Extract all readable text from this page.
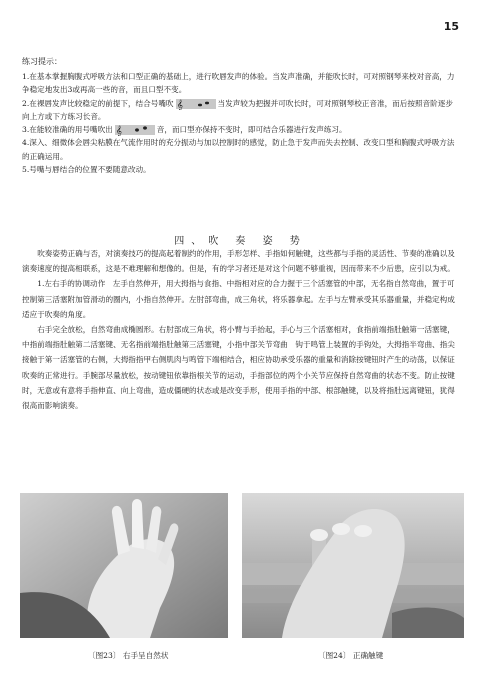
15
练习提示：

1.在基本掌握胸腹式呼吸方法和口型正确的基础上，进行吹唇发声的体验。当发声准确，并能吹长时，可对照钢琴来校对音高，力争稳定地发出3或再高一些的音，而且口型不变。

2.在裸唇发声比较稳定的前提下，结合号嘴吹 𝄞	当发声较为把握并可吹长时，可对照钢琴校正音准，而后按照音阶逐步向上方或下方练习长音。

3.在能较准确的用号嘴吹出 𝄞	音，而口型亦保持不变时，即可结合乐器进行发声练习。

4.深入、细微体会唇尖粘膜在气流作用时的充分振动与加以控制时的感觉，防止急于发声而失去控制、改变口型和胸腹式呼吸方法的正确运用。

5.号嘴与唇结合的位置不要随意改动。

四、吹 奏 姿 势

吹奏姿势正确与否，对演奏技巧的提高起着制约的作用，手形怎样、手指如何触键，这些都与手指的灵活性、节奏的准确以及演奏速度的提高相联系，这是不难理解和想像的。但是，有的学习者还是对这个问题不够重视，因而带来不少后患，应引以为戒。

1.左右手的协调动作　左手自然伸开，用大拇指与食指、中指相对应的合力握于三个活塞管的中部，无名指自然弯曲，置于可控制第三活塞附加管滑动的圈内，小指自然伸开。左肘部弯曲，成三角状，将乐器拿起。左手与左臂承受其乐器重量，并稳定构成适应于吹奏的角度。

右手完全放松，自然弯曲成椭圆形。右肘部成三角状，将小臂与手抬起，手心与三个活塞相对，食指前端指肚触第一活塞键，中指前端指肚触第二活塞键、无名指前端指肚触第三活塞键，小指中部关节弯曲　钩于鸣管上装置的手钩处，大拇指半弯曲、指尖接触于第一活塞管的右侧，大拇指指甲右侧肌肉与鸣管下端相结合，相应协助承受乐器的重量和消除按键钮时产生的动荡，以保证吹奏的正常进行。手腕部尽量放松，按动键钮依靠指根关节的运动，手指部位的两个小关节应保持自然弯曲的状态不变。防止按键时，无意或有意将手指伸直、向上弯曲，造成僵硬的状态或是改变手形，使用手指的中部、根部触键，以及将指肚远离键钮，犹得很高而影响演奏。

〔图23〕 右手呈自然状	〔图24〕 正确触键
